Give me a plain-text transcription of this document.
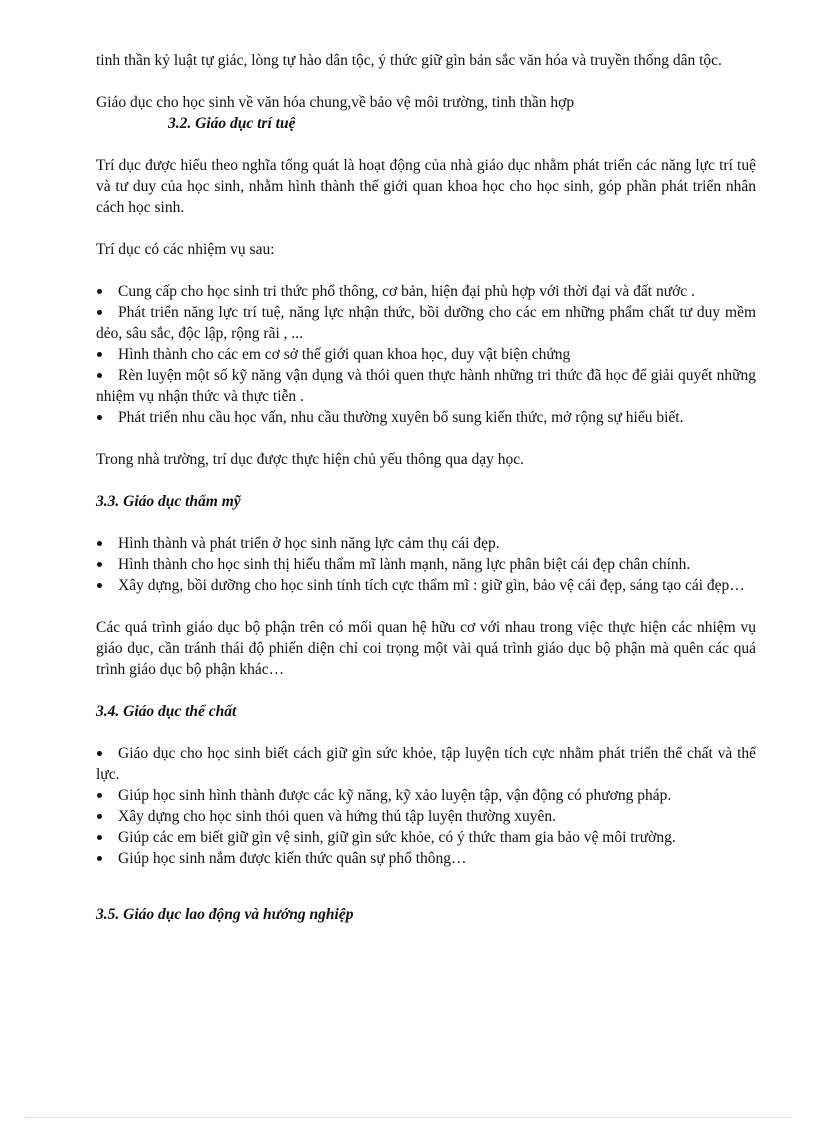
tinh thần kỷ luật tự giác, lòng tự hào dân tộc, ý thức giữ gìn bản sắc văn hóa và truyền thống dân tộc.

Giáo dục cho học sinh về văn hóa chung,về bảo vệ môi trường, tinh thần hợp

3.2. Giáo dục trí tuệ

Trí dục được hiểu theo nghĩa tổng quát là hoạt động của nhà giáo dục nhằm phát triển các năng lực trí tuệ và tư duy của học sinh, nhằm hình thành thế giới quan khoa học cho học sinh, góp phần phát triển nhân cách học sinh.

Trí dục có các nhiệm vụ sau:

Cung cấp cho học sinh tri thức phổ thông, cơ bản, hiện đại phù hợp với thời đại và đất nước .
Phát triển năng lực trí tuệ, năng lực nhận thức, bồi dưỡng cho các em những phẩm chất tư duy mềm dẻo, sâu sắc, độc lập, rộng rãi , ...
Hình thành cho các em cơ sở thế giới quan khoa học, duy vật biện chứng
Rèn luyện một số kỹ năng vận dụng và thói quen thực hành những tri thức đã học để giải quyết những nhiệm vụ nhận thức và thực tiễn .
Phát triển nhu cầu học vấn, nhu cầu thường xuyên bổ sung kiến thức, mở rộng sự hiểu biết.

Trong nhà trường, trí dục được thực hiện chủ yếu thông qua dạy học.

3.3. Giáo dục thẩm mỹ

Hình thành và phát triển ở học sinh năng lực cảm thụ cái đẹp.
Hình thành cho học sinh thị hiếu thẩm mĩ lành mạnh, năng lực phân biệt cái đẹp chân chính.
Xây dựng, bồi dưỡng cho học sinh tính tích cực thẩm mĩ : giữ gìn, bảo vệ cái đẹp, sáng tạo cái đẹp…

Các quá trình giáo dục bộ phận trên có mối quan hệ hữu cơ với nhau trong việc thực hiện các nhiệm vụ giáo dục, cần tránh thái độ phiến diện chỉ coi trọng một vài quá trình giáo dục bộ phận mà quên các quá trình giáo dục bộ phận khác…

3.4. Giáo dục thể chất

Giáo dục cho học sinh biết cách giữ gìn sức khỏe, tập luyện tích cực nhằm phát triển thể chất và thể lực.
Giúp học sinh hình thành được các kỹ năng, kỹ xảo luyện tập, vận động có phương pháp.
Xây dựng cho học sinh thói quen và hứng thú tập luyện thường xuyên.
Giúp các em biết giữ gìn vệ sinh, giữ gìn sức khỏe, có ý thức tham gia bảo vệ môi trường.
Giúp học sinh nắm được kiến thức quân sự phổ thông…

3.5. Giáo dục lao động và hướng nghiệp
